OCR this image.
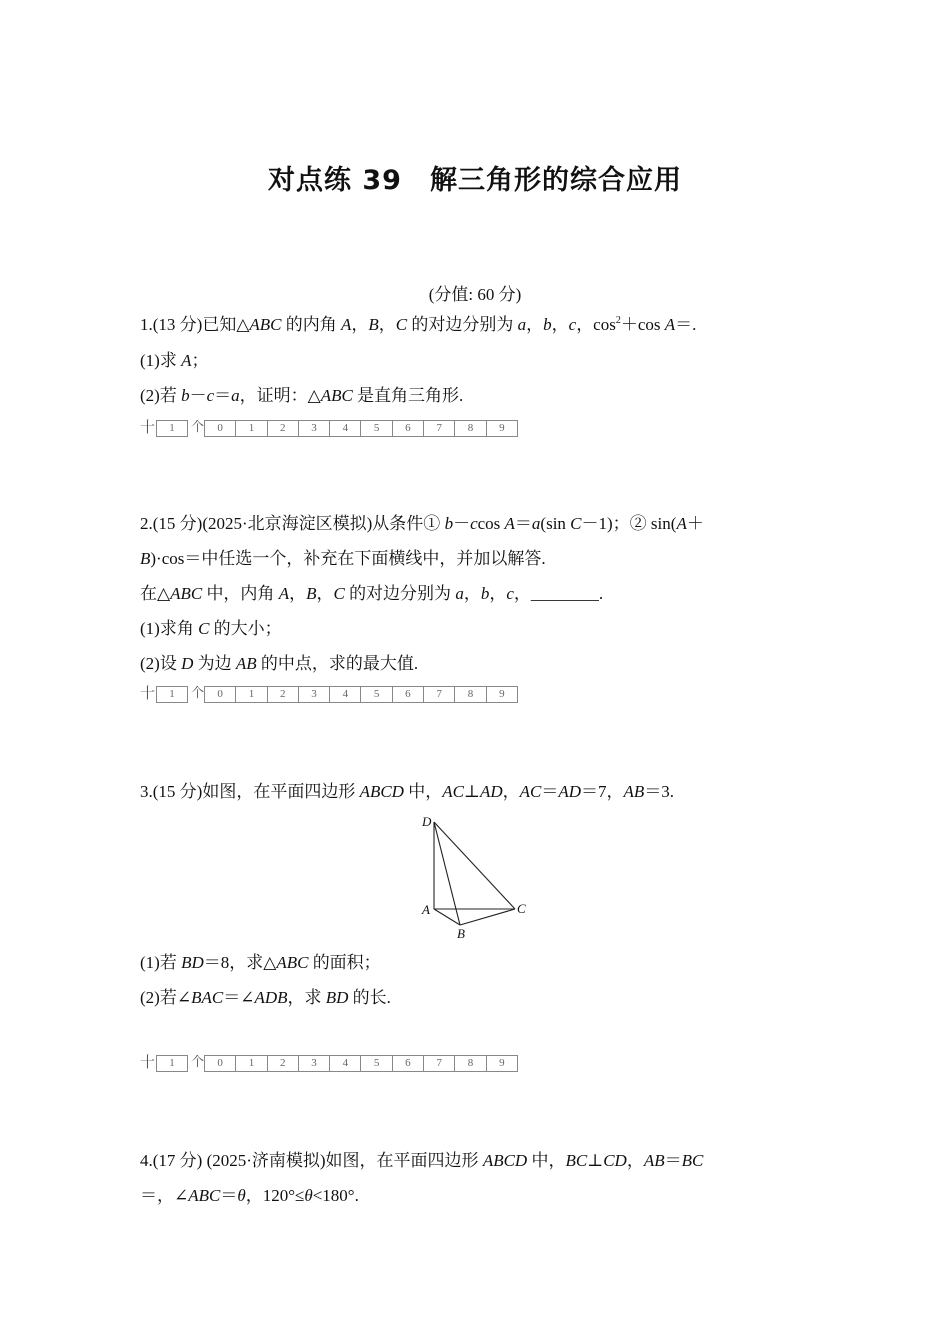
对点练 39　解三角形的综合应用
(分值: 60 分)
1.(13 分)已知△ABC 的内角 A，B，C 的对边分别为 a，b，c，$\cos^2+\cos$ A＝.
(1)求 A；
(2)若 b－c＝a，证明：△ABC 是直角三角形.
十	1	个	0	1	2	3	4	5	6	7	8	9
2.(15 分)(2025·北京海淀区模拟)从条件① b－ccos A＝a(sin C－1)；② sin(A＋
B)·cos＝中任选一个，补充在下面横线中，并加以解答.
在△ABC 中，内角 A，B，C 的对边分别为 a，b，c，________.
(1)求角 C 的大小；
(2)设 D 为边 AB 的中点，求的最大值.
十	1	个	0	1	2	3	4	5	6	7	8	9
3.(15 分)如图，在平面四边形 ABCD 中，AC⊥AD，AC＝AD＝7，AB＝3.
D
A
B
C
(1)若 BD＝8，求△ABC 的面积；
(2)若∠BAC＝∠ADB，求 BD 的长.
十	1	个	0	1	2	3	4	5	6	7	8	9
4.(17 分) (2025·济南模拟)如图，在平面四边形 ABCD 中，BC⊥CD，AB＝BC
＝，∠ABC＝θ，120°≤θ<180°.
